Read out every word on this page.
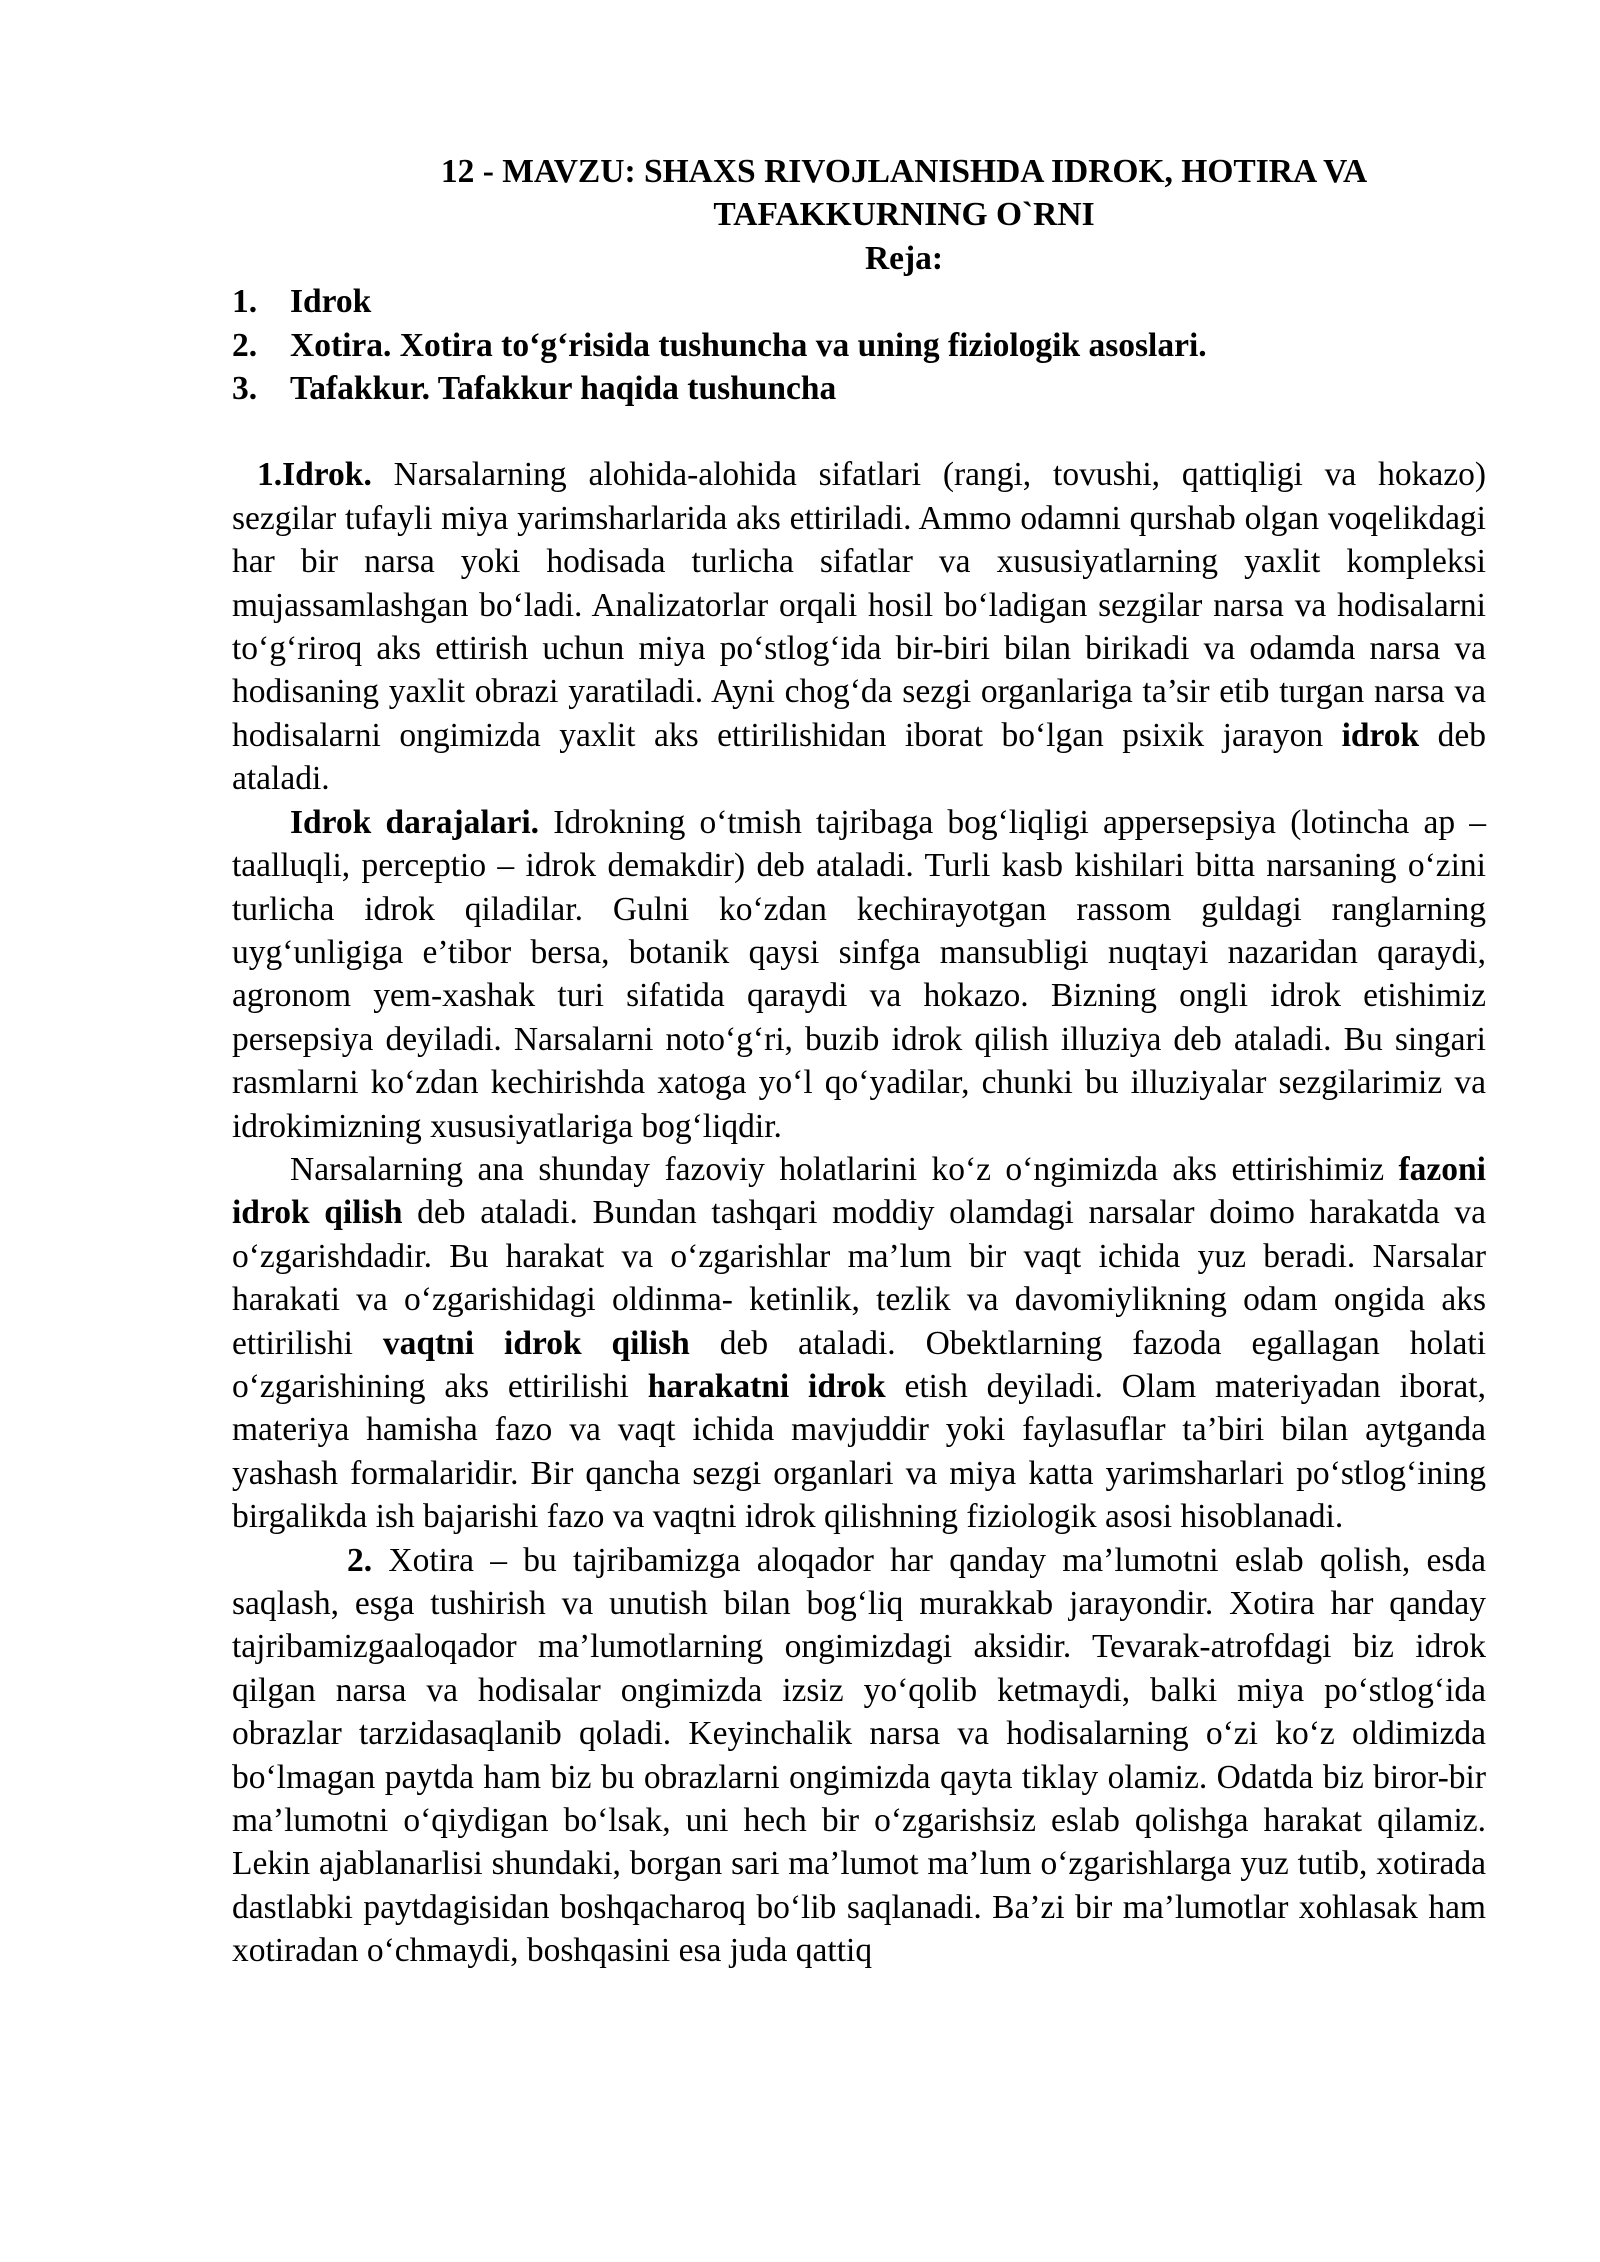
12 - MAVZU: SHAXS RIVOJLANISHDA IDROK, HOTIRA VA
TAFAKKURNING O`RNI
Reja:
1. Idrok
2. Xotira. Xotira to‘g‘risida tushuncha va uning fiziologik asoslari.
3. Tafakkur. Tafakkur haqida tushuncha

1.Idrok. Narsalarning alohida-alohida sifatlari (rangi, tovushi, qattiqligi va hokazo) sezgilar tufayli miya yarimsharlarida aks ettiriladi. Ammo odamni qurshab olgan voqelikdagi har bir narsa yoki hodisada turlicha sifatlar va xususiyatlarning yaxlit kompleksi mujassamlashgan bo‘ladi. Analizatorlar orqali hosil bo‘ladigan sezgilar narsa va hodisalarni to‘g‘riroq aks ettirish uchun miya po‘stlog‘ida bir-biri bilan birikadi va odamda narsa va hodisaning yaxlit obrazi yaratiladi. Ayni chog‘da sezgi organlariga ta’sir etib turgan narsa va hodisalarni ongimizda yaxlit aks ettirilishidan iborat bo‘lgan psixik jarayon idrok deb ataladi.

Idrok darajalari. Idrokning o‘tmish tajribaga bog‘liqligi appersepsiya (lotincha ap – taalluqli, perceptio – idrok demakdir) deb ataladi. Turli kasb kishilari bitta narsaning o‘zini turlicha idrok qiladilar. Gulni ko‘zdan kechirayotgan rassom guldagi ranglarning uyg‘unligiga e’tibor bersa, botanik qaysi sinfga mansubligi nuqtayi nazaridan qaraydi, agronom yem-xashak turi sifatida qaraydi va hokazo. Bizning ongli idrok etishimiz persepsiya deyiladi. Narsalarni noto‘g‘ri, buzib idrok qilish illuziya deb ataladi. Bu singari rasmlarni ko‘zdan kechirishda xatoga yo‘l qo‘yadilar, chunki bu illuziyalar sezgilarimiz va idrokimizning xususiyatlariga bog‘liqdir.

Narsalarning ana shunday fazoviy holatlarini ko‘z o‘ngimizda aks ettirishimiz fazoni idrok qilish deb ataladi. Bundan tashqari moddiy olamdagi narsalar doimo harakatda va o‘zgarishdadir. Bu harakat va o‘zgarishlar ma’lum bir vaqt ichida yuz beradi. Narsalar harakati va o‘zgarishidagi oldinma- ketinlik, tezlik va davomiylikning odam ongida aks ettirilishi vaqtni idrok qilish deb ataladi. Obektlarning fazoda egallagan holati o‘zgarishining aks ettirilishi harakatni idrok etish deyiladi. Olam materiyadan iborat, materiya hamisha fazo va vaqt ichida mavjuddir yoki faylasuflar ta’biri bilan aytganda yashash formalaridir. Bir qancha sezgi organlari va miya katta yarimsharlari po‘stlog‘ining birgalikda ish bajarishi fazo va vaqtni idrok qilishning fiziologik asosi hisoblanadi.

2. Xotira – bu tajribamizga aloqador har qanday ma’lumotni eslab qolish, esda saqlash, esga tushirish va unutish bilan bog‘liq murakkab jarayondir. Xotira har qanday tajribamizgaaloqador ma’lumotlarning ongimizdagi aksidir. Tevarak-atrofdagi biz idrok qilgan narsa va hodisalar ongimizda izsiz yo‘qolib ketmaydi, balki miya po‘stlog‘ida obrazlar tarzidasaqlanib qoladi. Keyinchalik narsa va hodisalarning o‘zi ko‘z oldimizda bo‘lmagan paytda ham biz bu obrazlarni ongimizda qayta tiklay olamiz. Odatda biz biror-bir ma’lumotni o‘qiydigan bo‘lsak, uni hech bir o‘zgarishsiz eslab qolishga harakat qilamiz. Lekin ajablanarlisi shundaki, borgan sari ma’lumot ma’lum o‘zgarishlarga yuz tutib, xotirada dastlabki paytdagisidan boshqacharoq bo‘lib saqlanadi. Ba’zi bir ma’lumotlar xohlasak ham xotiradan o‘chmaydi, boshqasini esa juda qattiq
